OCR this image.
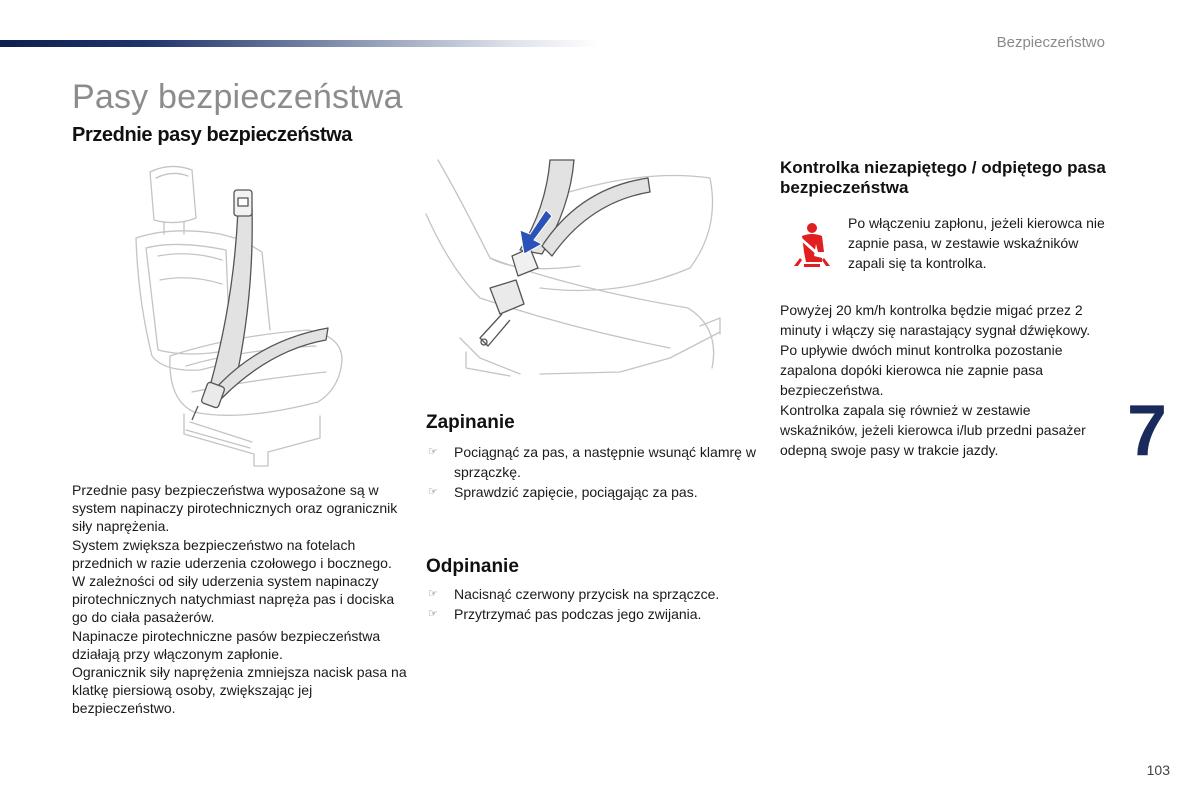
Bezpieczeństwo
Pasy bezpieczeństwa
Przednie pasy bezpieczeństwa

Przednie pasy bezpieczeństwa wyposażone są w system napinaczy pirotechnicznych oraz ogranicznik siły naprężenia.

System zwiększa bezpieczeństwo na fotelach przednich w razie uderzenia czołowego i bocznego. W zależności od siły uderzenia system napinaczy pirotechnicznych natychmiast napręża pas i dociska go do ciała pasażerów.

Napinacze pirotechniczne pasów bezpieczeństwa działają przy włączonym zapłonie.

Ogranicznik siły naprężenia zmniejsza nacisk pasa na klatkę piersiową osoby, zwiększając jej bezpieczeństwo.

Zapinanie
☞ Pociągnąć za pas, a następnie wsunąć klamrę w sprzączkę.
☞ Sprawdzić zapięcie, pociągając za pas.
Odpinanie
☞ Nacisnąć czerwony przycisk na sprzączce.
☞ Przytrzymać pas podczas jego zwijania.
Kontrolka niezapiętego / odpiętego pasa bezpieczeństwa
Po włączeniu zapłonu, jeżeli kierowca nie zapnie pasa, w zestawie wskaźników zapali się ta kontrolka.

Powyżej 20 km/h kontrolka będzie migać przez 2 minuty i włączy się narastający sygnał dźwiękowy. Po upływie dwóch minut kontrolka pozostanie zapalona dopóki kierowca nie zapnie pasa bezpieczeństwa.

Kontrolka zapala się również w zestawie wskaźników, jeżeli kierowca i/lub przedni pasażer odepną swoje pasy w trakcie jazdy.	7
103
